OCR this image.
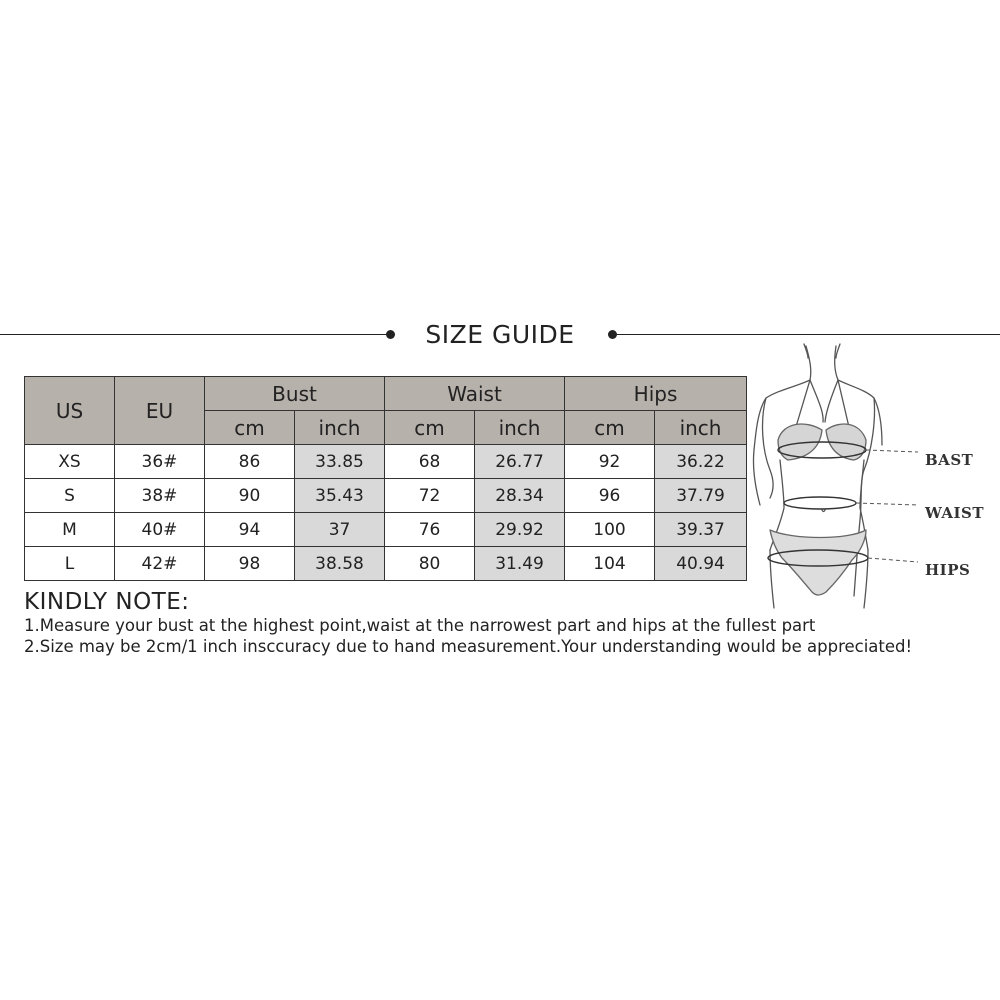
SIZE GUIDE
US	EU	Bust		Waist		Hips	
		cm	inch	cm	inch	cm	inch
XS	36#	86	33.85	68	26.77	92	36.22
S	38#	90	35.43	72	28.34	96	37.79
M	40#	94	37	76	29.92	100	39.37
L	42#	98	38.58	80	31.49	104	40.94
KINDLY NOTE:
1.Measure your bust at the highest point,waist at the narrowest part and hips at the fullest part
2.Size may be 2cm/1 inch insccuracy due to hand measurement.Your understanding would be appreciated!
BAST
WAIST
HIPS
